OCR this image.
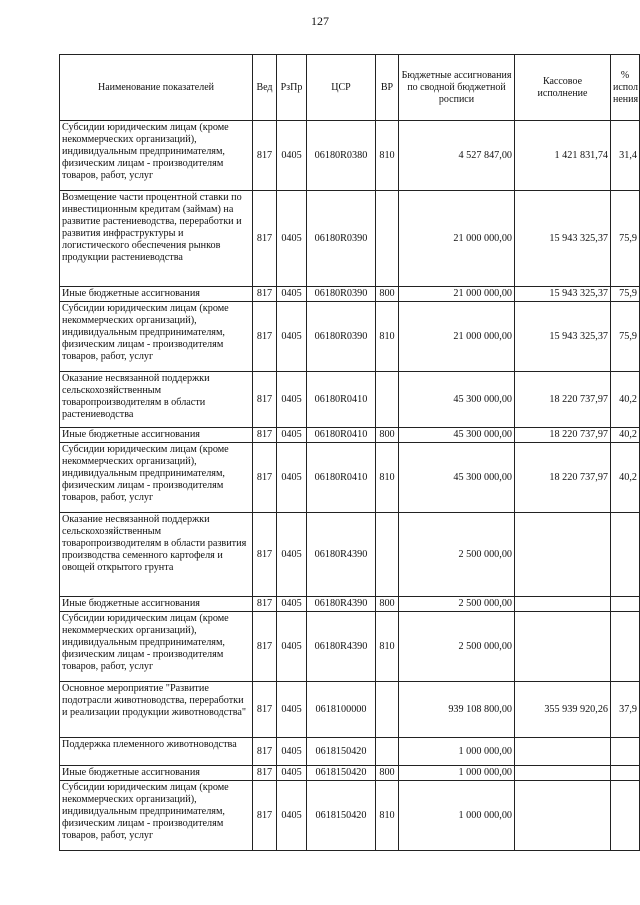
127
Наименование показателей	Вед	РзПр	ЦСР	ВР	Бюджетные ассигнования по сводной бюджетной росписи	Кассовое исполнение	% испол нения
Субсидии юридическим лицам (кроме некоммерческих организаций), индивидуальным предпринимателям, физическим лицам - производителям товаров, работ, услуг	817	0405	06180R0380	810	4 527 847,00	1 421 831,74	31,4
Возмещение части процентной ставки по инвестиционным кредитам (займам) на развитие растениеводства, переработки и развития инфраструктуры и логистического обеспечения рынков продукции растениеводства	817	0405	06180R0390		21 000 000,00	15 943 325,37	75,9
Иные бюджетные ассигнования	817	0405	06180R0390	800	21 000 000,00	15 943 325,37	75,9
Субсидии юридическим лицам (кроме некоммерческих организаций), индивидуальным предпринимателям, физическим лицам - производителям товаров, работ, услуг	817	0405	06180R0390	810	21 000 000,00	15 943 325,37	75,9
Оказание несвязанной поддержки сельскохозяйственным товаропроизводителям в области растениеводства	817	0405	06180R0410		45 300 000,00	18 220 737,97	40,2
Иные бюджетные ассигнования	817	0405	06180R0410	800	45 300 000,00	18 220 737,97	40,2
Субсидии юридическим лицам (кроме некоммерческих организаций), индивидуальным предпринимателям, физическим лицам - производителям товаров, работ, услуг	817	0405	06180R0410	810	45 300 000,00	18 220 737,97	40,2
Оказание несвязанной поддержки сельскохозяйственным товаропроизводителям в области развития производства семенного картофеля и овощей открытого грунта	817	0405	06180R4390		2 500 000,00		
Иные бюджетные ассигнования	817	0405	06180R4390	800	2 500 000,00		
Субсидии юридическим лицам (кроме некоммерческих организаций), индивидуальным предпринимателям, физическим лицам - производителям товаров, работ, услуг	817	0405	06180R4390	810	2 500 000,00		
Основное мероприятие "Развитие подотрасли животноводства, переработки и реализации продукции животноводства"	817	0405	0618100000		939 108 800,00	355 939 920,26	37,9
Поддержка племенного животноводства	817	0405	0618150420		1 000 000,00		
Иные бюджетные ассигнования	817	0405	0618150420	800	1 000 000,00		
Субсидии юридическим лицам (кроме некоммерческих организаций), индивидуальным предпринимателям, физическим лицам - производителям товаров, работ, услуг	817	0405	0618150420	810	1 000 000,00		
